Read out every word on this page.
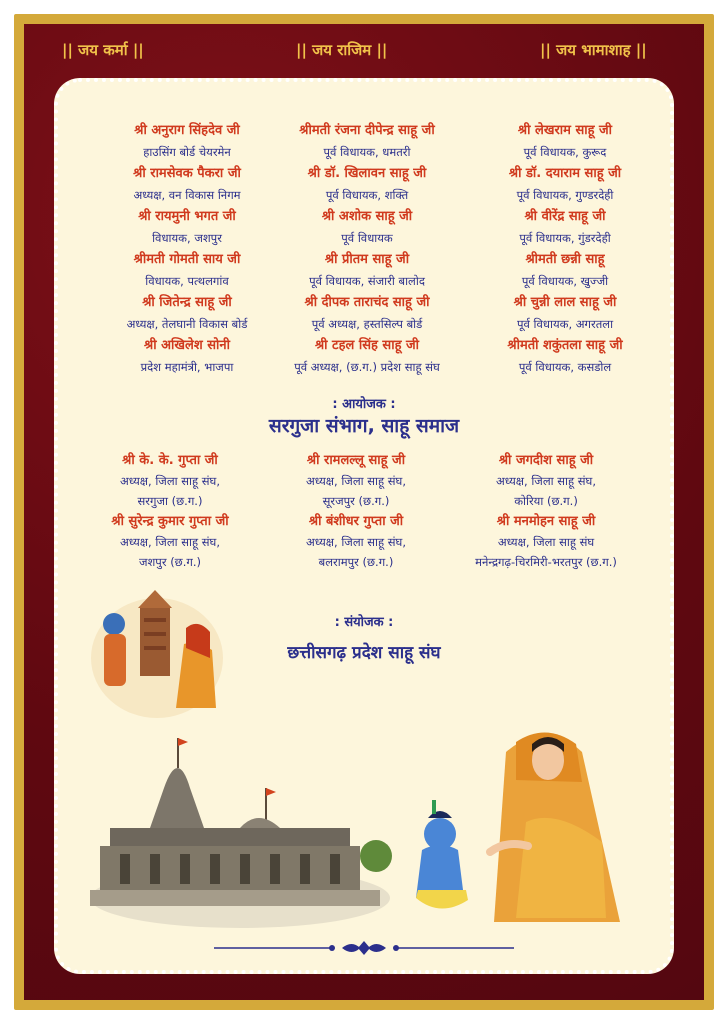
|| जय कर्मा ||	|| जय राजिम ||	|| जय भामाशाह ||
श्री अनुराग सिंहदेव जी
हाउसिंग बोर्ड चेयरमेन
श्री रामसेवक पैकरा जी
अध्यक्ष, वन विकास निगम
श्री रायमुनी भगत जी
विधायक, जशपुर
श्रीमती गोमती साय जी
विधायक, पत्थलगांव
श्री जितेन्द्र साहू जी
अध्यक्ष, तेलघानी विकास बोर्ड
श्री अखिलेश सोनी
प्रदेश महामंत्री, भाजपा
श्रीमती रंजना दीपेन्द्र साहू जी
पूर्व विधायक, धमतरी
श्री डॉ. खिलावन साहू जी
पूर्व विधायक, शक्ति
श्री अशोक साहू जी
पूर्व विधायक
श्री प्रीतम साहू जी
पूर्व विधायक, संजारी बालोद
श्री दीपक ताराचंद साहू जी
पूर्व अध्यक्ष, हस्तसिल्प बोर्ड
श्री टहल सिंह साहू जी
पूर्व अध्यक्ष, (छ.ग.) प्रदेश साहू संघ
श्री लेखराम साहू जी
पूर्व विधायक, कुरूद
श्री डॉ. दयाराम साहू जी
पूर्व विधायक, गुण्डरदेही
श्री वीरेंद्र साहू जी
पूर्व विधायक, गुंडरदेही
श्रीमती छन्नी साहू
पूर्व विधायक, खुज्जी
श्री चुन्नी लाल साहू जी
पूर्व विधायक, अगरतला
श्रीमती शकुंतला साहू जी
पूर्व विधायक, कसडोल
: आयोजक :
सरगुजा संभाग, साहू समाज
श्री के. के. गुप्ता जी
अध्यक्ष, जिला साहू संघ,
सरगुजा (छ.ग.)
श्री सुरेन्द्र कुमार गुप्ता जी
अध्यक्ष, जिला साहू संघ,
जशपुर (छ.ग.)
श्री रामलल्लू साहू जी
अध्यक्ष, जिला साहू संघ,
सूरजपुर (छ.ग.)
श्री बंशीधर गुप्ता जी
अध्यक्ष, जिला साहू संघ,
बलरामपुर (छ.ग.)
श्री जगदीश साहू जी
अध्यक्ष, जिला साहू संघ,
कोरिया (छ.ग.)
श्री मनमोहन साहू जी
अध्यक्ष, जिला साहू संघ
मनेन्द्रगढ़-चिरमिरी-भरतपुर (छ.ग.)
: संयोजक :
छत्तीसगढ़ प्रदेश साहू संघ
